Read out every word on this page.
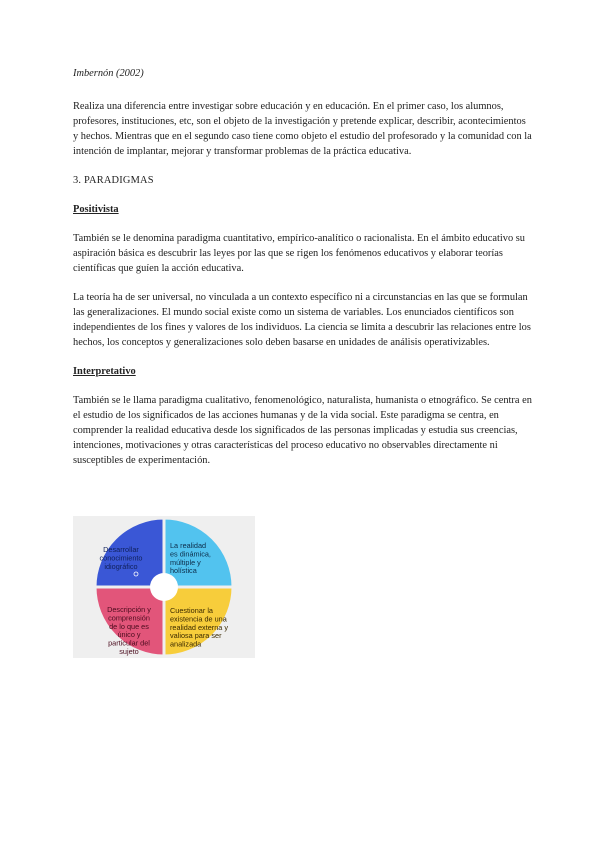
Imbernón (2002)

Realiza una diferencia entre investigar sobre educación y en educación. En el primer caso, los alumnos, profesores, instituciones, etc, son el objeto de la investigación y pretende explicar, describir, acontecimientos y hechos. Mientras que en el segundo caso tiene como objeto el estudio del profesorado y la comunidad con la intención de implantar, mejorar y transformar problemas de la práctica educativa.

3. PARADIGMAS

Positivista

También se le denomina paradigma cuantitativo, empírico-analítico o racionalista. En el ámbito educativo su aspiración básica es descubrir las leyes por las que se rigen los fenómenos educativos y elaborar teorías científicas que guíen la acción educativa.

La teoría ha de ser universal, no vinculada a un contexto específico ni a circunstancias en las que se formulan las generalizaciones. El mundo social existe como un sistema de variables. Los enunciados científicos son independientes de los fines y valores de los individuos. La ciencia se limita a descubrir las relaciones entre los hechos, los conceptos y generalizaciones solo deben basarse en unidades de análisis operativizables.

Interpretativo

También se le llama paradigma cualitativo, fenomenológico, naturalista, humanista o etnográfico. Se centra en el estudio de los significados de las acciones humanas y de la vida social. Este paradigma se centra, en comprender la realidad educativa desde los significados de las personas implicadas y estudia sus creencias, intenciones, motivaciones y otras características del proceso educativo no observables directamente ni susceptibles de experimentación.

Desarrollar conocimiento idiográfico
La realidad es dinámica, múltiple y holística
Descripción y comprensión de lo que es único y particular del sujeto
Cuestionar la existencia de una realidad externa y valiosa para ser analizada
